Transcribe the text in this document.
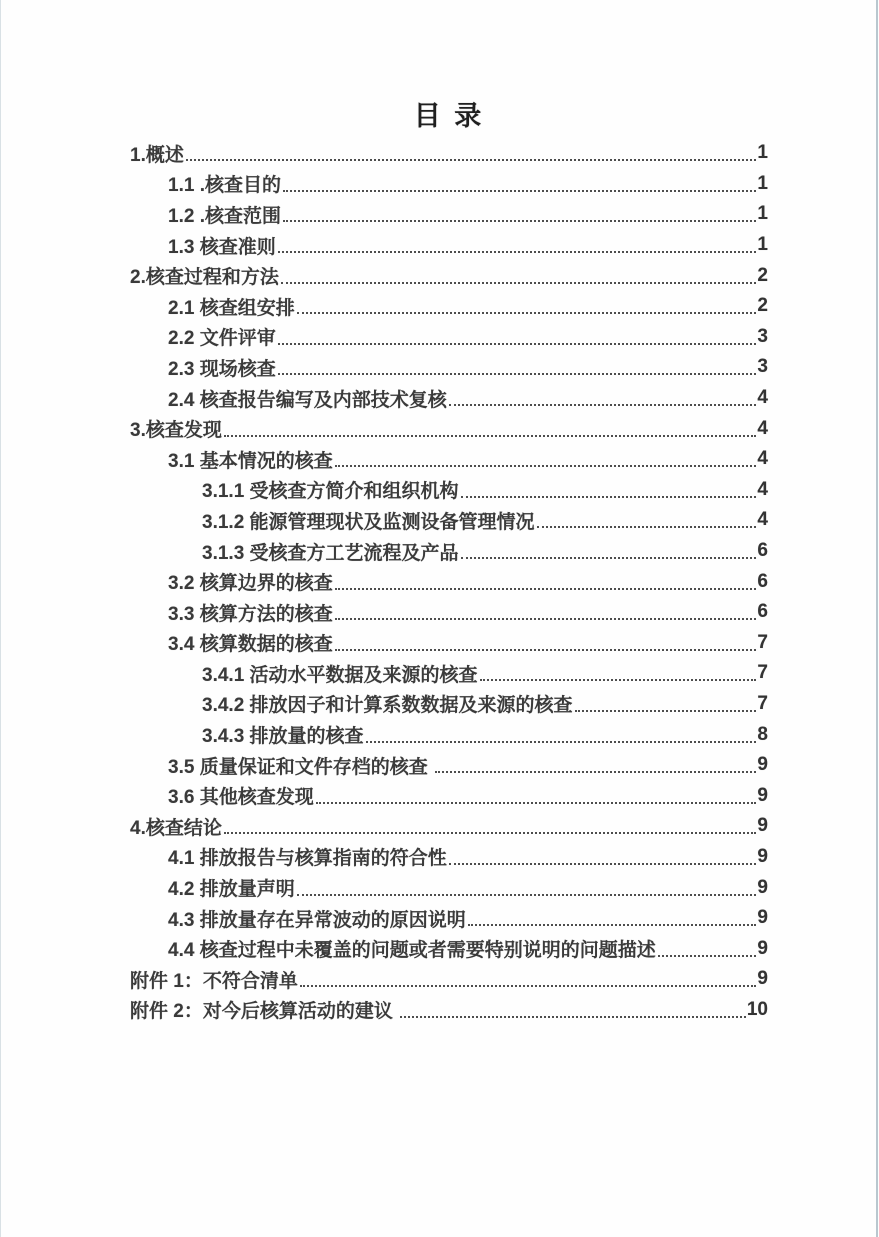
目 录
1.概述	1
1.1 .核查目的	1
1.2 .核查范围	1
1.3 核查准则	1
2.核查过程和方法	2
2.1 核查组安排	2
2.2 文件评审	3
2.3 现场核查	3
2.4 核查报告编写及内部技术复核	4
3.核查发现	4
3.1 基本情况的核查	4
3.1.1 受核查方简介和组织机构	4
3.1.2 能源管理现状及监测设备管理情况	4
3.1.3 受核查方工艺流程及产品	6
3.2 核算边界的核查	6
3.3 核算方法的核查	6
3.4 核算数据的核查	7
3.4.1 活动水平数据及来源的核查	7
3.4.2 排放因子和计算系数数据及来源的核查	7
3.4.3 排放量的核查	8
3.5 质量保证和文件存档的核查	9
3.6 其他核查发现	9
4.核查结论	9
4.1 排放报告与核算指南的符合性	9
4.2 排放量声明	9
4.3 排放量存在异常波动的原因说明	9
4.4 核查过程中未覆盖的问题或者需要特别说明的问题描述	9
附件 1：不符合清单	9
附件 2：对今后核算活动的建议	10
